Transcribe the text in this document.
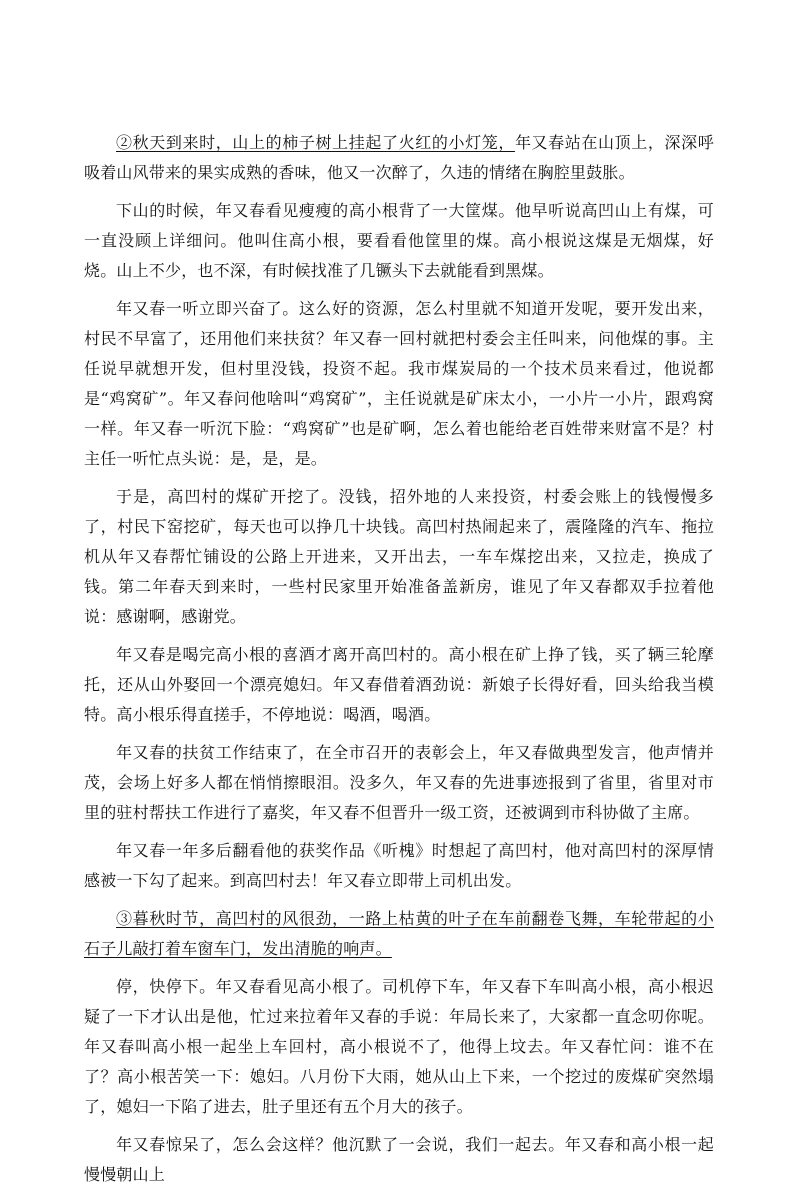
②秋天到来时，山上的柿子树上挂起了火红的小灯笼，年又春站在山顶上，深深呼吸着山风带来的果实成熟的香味，他又一次醉了，久违的情绪在胸腔里鼓胀。

下山的时候，年又春看见瘦瘦的高小根背了一大筐煤。他早听说高凹山上有煤，可一直没顾上详细问。他叫住高小根，要看看他筐里的煤。高小根说这煤是无烟煤，好烧。山上不少，也不深，有时候找准了几镢头下去就能看到黑煤。

年又春一听立即兴奋了。这么好的资源，怎么村里就不知道开发呢，要开发出来，村民不早富了，还用他们来扶贫？年又春一回村就把村委会主任叫来，问他煤的事。主任说早就想开发，但村里没钱，投资不起。我市煤炭局的一个技术员来看过，他说都是“鸡窝矿”。年又春问他啥叫“鸡窝矿”，主任说就是矿床太小，一小片一小片，跟鸡窝一样。年又春一听沉下脸：“鸡窝矿”也是矿啊，怎么着也能给老百姓带来财富不是？村主任一听忙点头说：是，是，是。

于是，高凹村的煤矿开挖了。没钱，招外地的人来投资，村委会账上的钱慢慢多了，村民下窑挖矿，每天也可以挣几十块钱。高凹村热闹起来了，震隆隆的汽车、拖拉机从年又春帮忙铺设的公路上开进来，又开出去，一车车煤挖出来，又拉走，换成了钱。第二年春天到来时，一些村民家里开始准备盖新房，谁见了年又春都双手拉着他说：感谢啊，感谢党。

年又春是喝完高小根的喜酒才离开高凹村的。高小根在矿上挣了钱，买了辆三轮摩托，还从山外娶回一个漂亮媳妇。年又春借着酒劲说：新娘子长得好看，回头给我当模特。高小根乐得直搓手，不停地说：喝酒，喝酒。

年又春的扶贫工作结束了，在全市召开的表彰会上，年又春做典型发言，他声情并茂，会场上好多人都在悄悄擦眼泪。没多久，年又春的先进事迹报到了省里，省里对市里的驻村帮扶工作进行了嘉奖，年又春不但晋升一级工资，还被调到市科协做了主席。

年又春一年多后翻看他的获奖作品《听槐》时想起了高凹村，他对高凹村的深厚情感被一下勾了起来。到高凹村去！年又春立即带上司机出发。

③暮秋时节，高凹村的风很劲，一路上枯黄的叶子在车前翻卷飞舞，车轮带起的小石子儿敲打着车窗车门，发出清脆的响声。

停，快停下。年又春看见高小根了。司机停下车，年又春下车叫高小根，高小根迟疑了一下才认出是他，忙过来拉着年又春的手说：年局长来了，大家都一直念叨你呢。年又春叫高小根一起坐上车回村，高小根说不了，他得上坟去。年又春忙问：谁不在了？高小根苦笑一下：媳妇。八月份下大雨，她从山上下来，一个挖过的废煤矿突然塌了，媳妇一下陷了进去，肚子里还有五个月大的孩子。

年又春惊呆了，怎么会这样？他沉默了一会说，我们一起去。年又春和高小根一起慢慢朝山上
